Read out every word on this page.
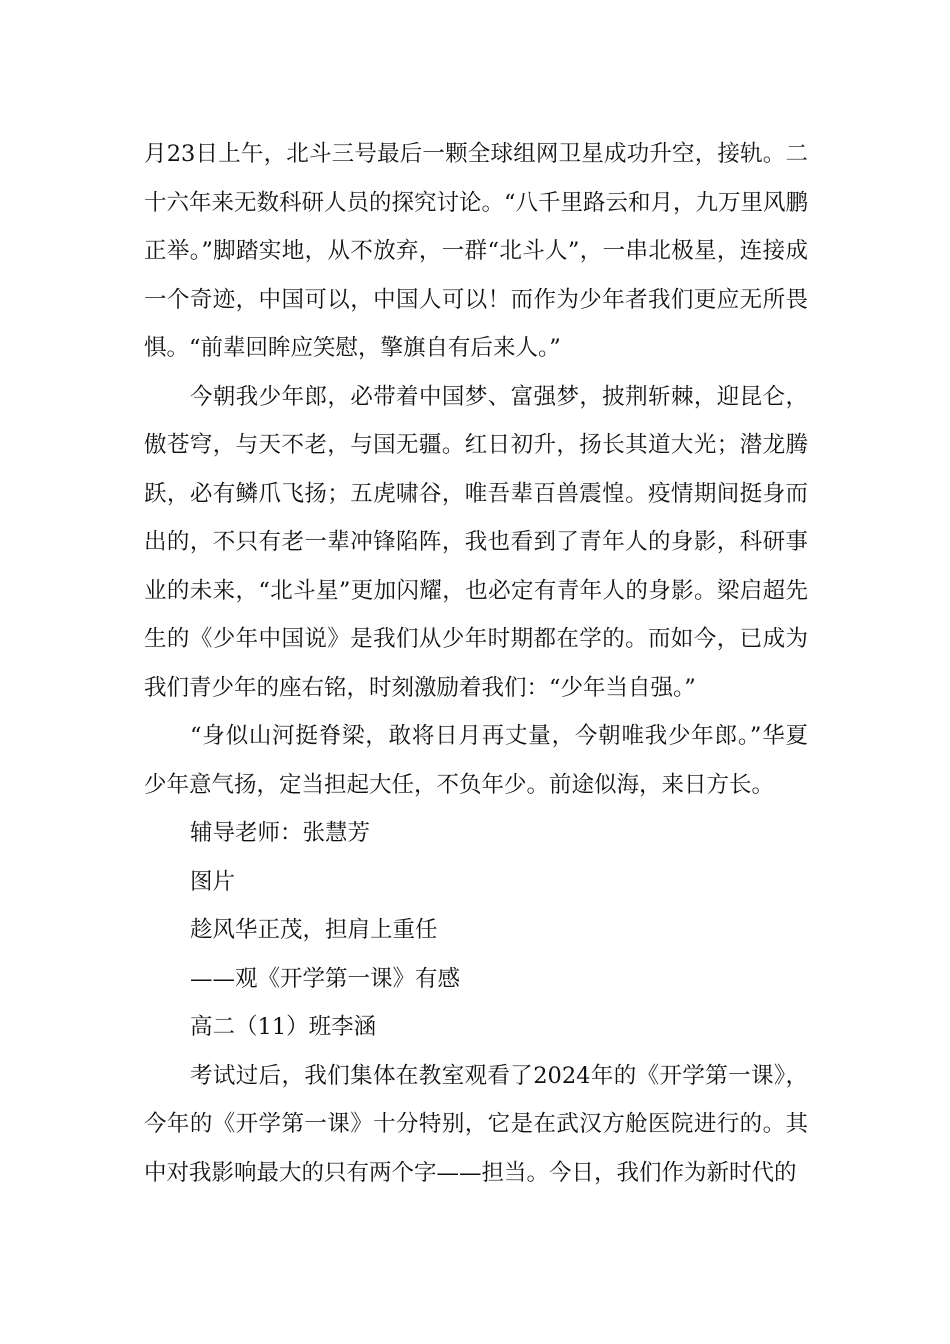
月23日上午，北斗三号最后一颗全球组网卫星成功升空，接轨。二十六年来无数科研人员的探究讨论。“八千里路云和月，九万里风鹏正举。”脚踏实地，从不放弃，一群“北斗人”，一串北极星，连接成一个奇迹，中国可以，中国人可以！而作为少年者我们更应无所畏惧。“前辈回眸应笑慰，擎旗自有后来人。”

今朝我少年郎，必带着中国梦、富强梦，披荆斩棘，迎昆仑，傲苍穹，与天不老，与国无疆。红日初升，扬长其道大光；潜龙腾跃，必有鳞爪飞扬；五虎啸谷，唯吾辈百兽震惶。疫情期间挺身而出的，不只有老一辈冲锋陷阵，我也看到了青年人的身影，科研事业的未来，“北斗星”更加闪耀，也必定有青年人的身影。梁启超先生的《少年中国说》是我们从少年时期都在学的。而如今，已成为我们青少年的座右铭，时刻激励着我们：“少年当自强。”

“身似山河挺脊梁，敢将日月再丈量，今朝唯我少年郎。”华夏少年意气扬，定当担起大任，不负年少。前途似海，来日方长。

辅导老师：张慧芳

图片

趁风华正茂，担肩上重任

——观《开学第一课》有感

高二（11）班李涵

考试过后，我们集体在教室观看了2024年的《开学第一课》，今年的《开学第一课》十分特别，它是在武汉方舱医院进行的。其中对我影响最大的只有两个字——担当。今日，我们作为新时代的
